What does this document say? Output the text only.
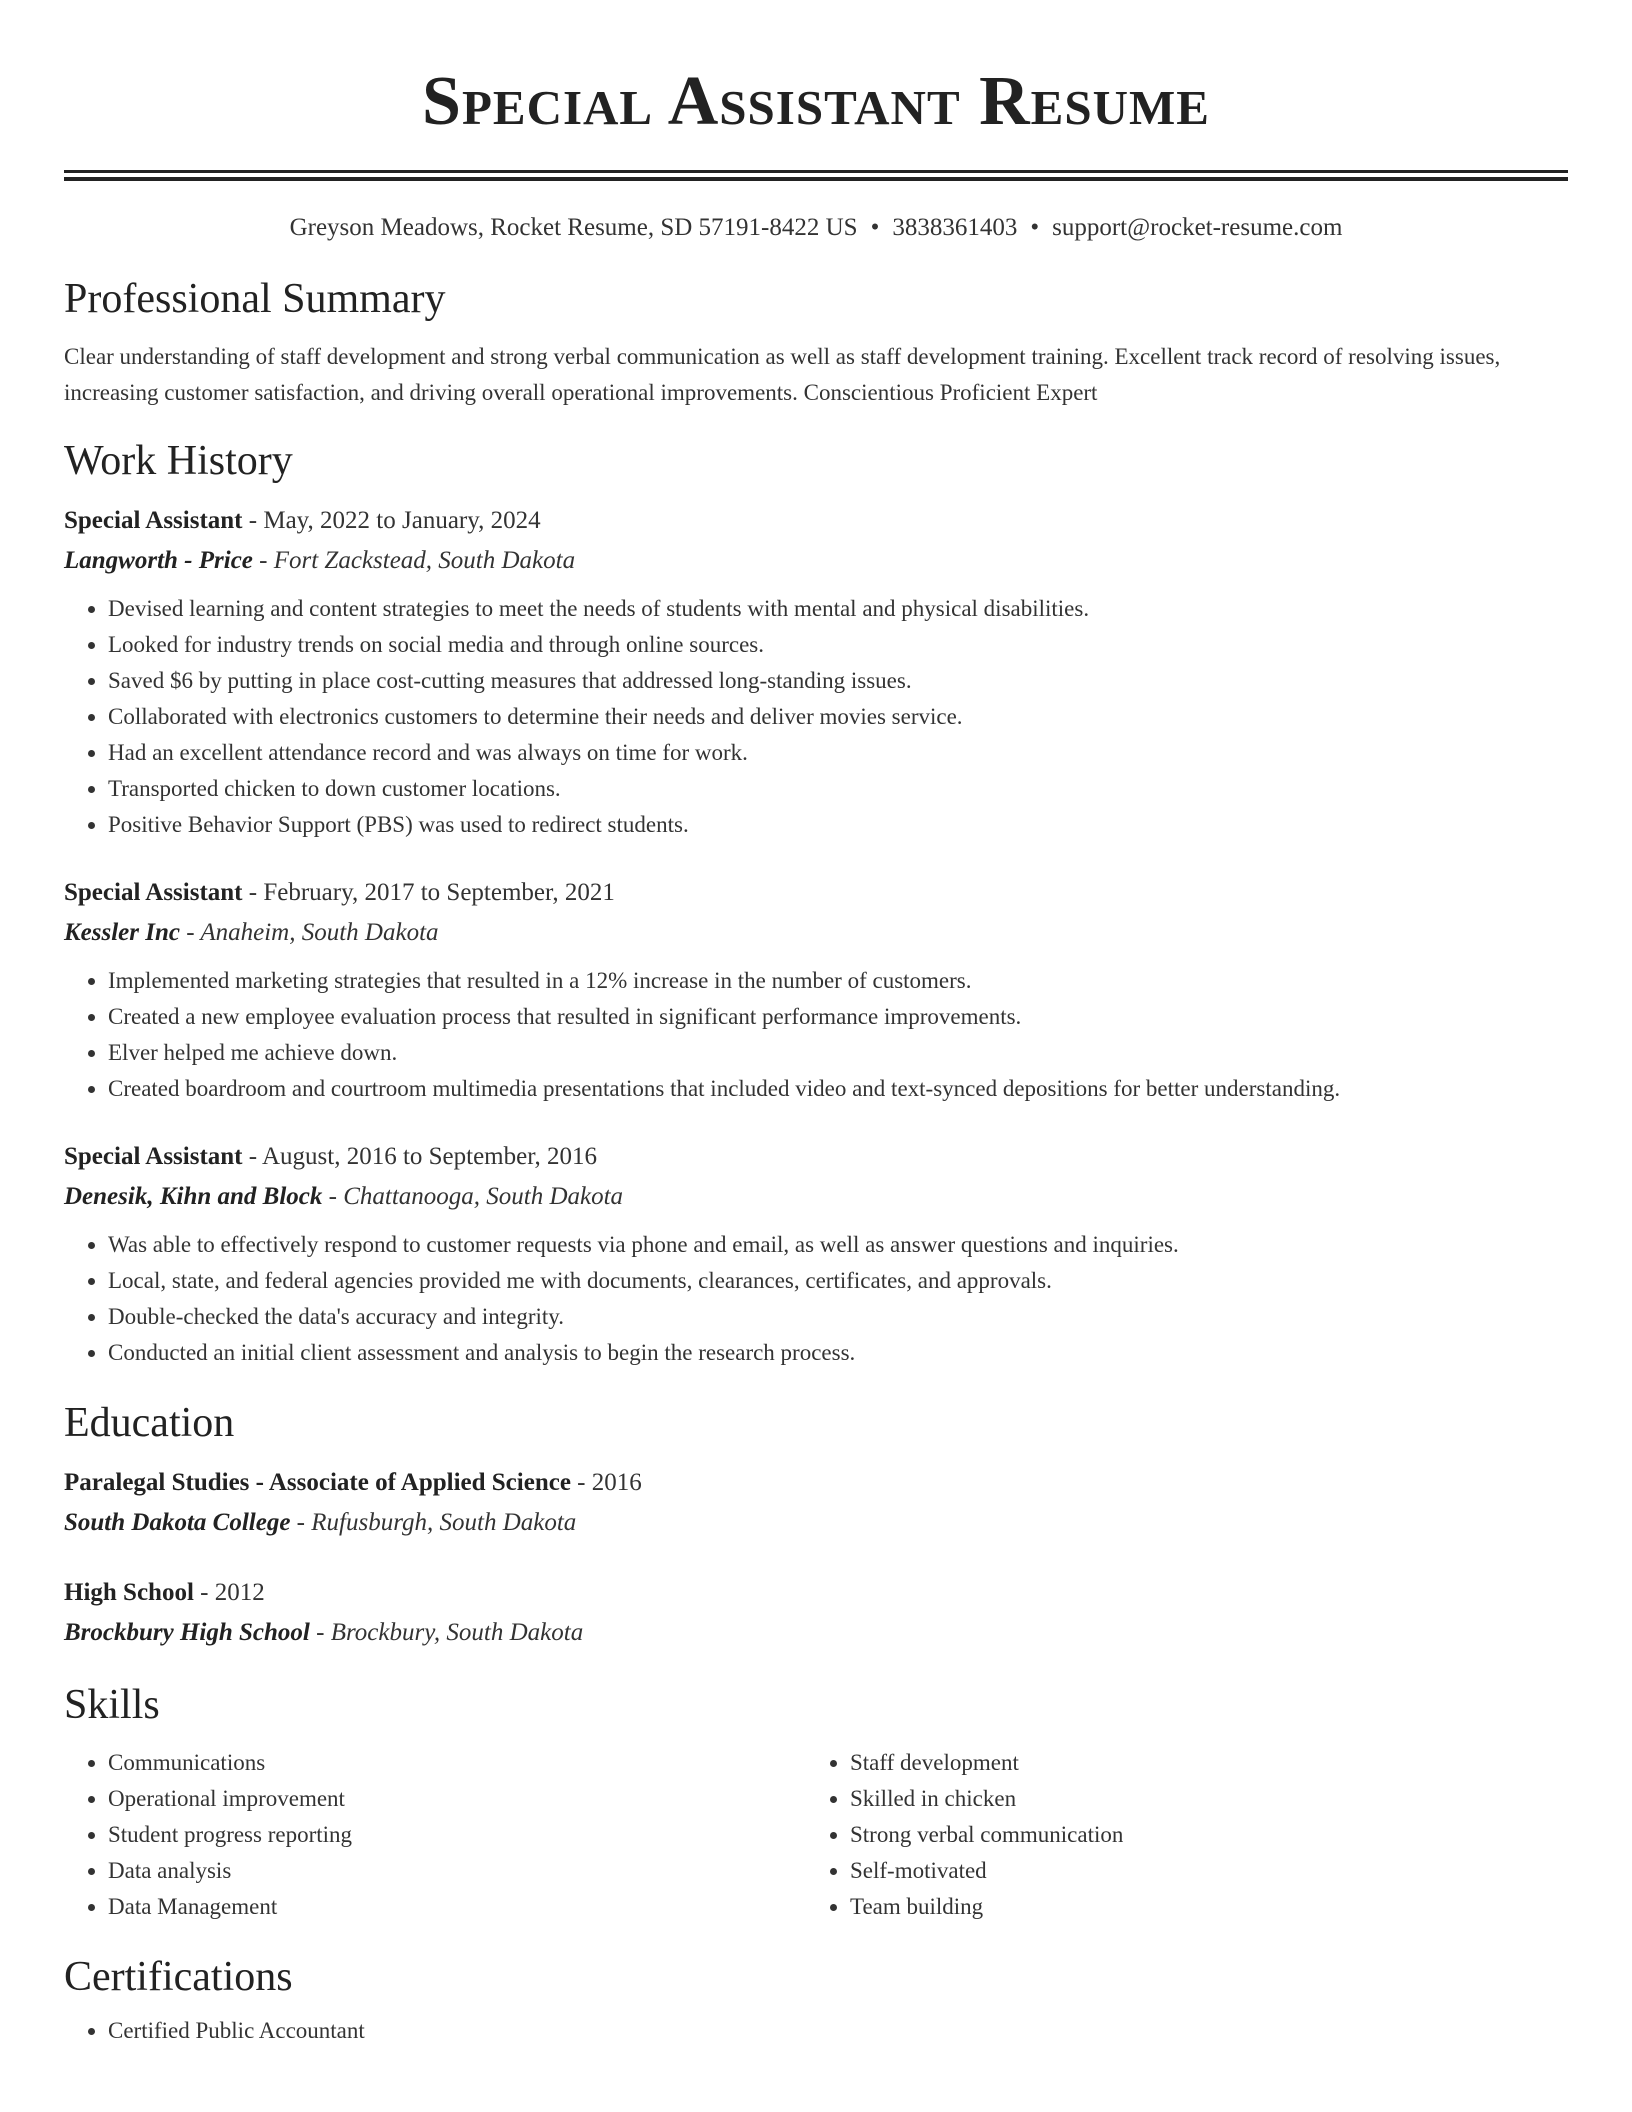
Special Assistant Resume
Greyson Meadows, Rocket Resume, SD 57191-8422 US • 3838361403 • support@rocket-resume.com
Professional Summary
Clear understanding of staff development and strong verbal communication as well as staff development training. Excellent track record of resolving issues, increasing customer satisfaction, and driving overall operational improvements. Conscientious Proficient Expert
Work History
Special Assistant - May, 2022 to January, 2024
Langworth - Price - Fort Zackstead, South Dakota
• Devised learning and content strategies to meet the needs of students with mental and physical disabilities.
• Looked for industry trends on social media and through online sources.
• Saved $6 by putting in place cost-cutting measures that addressed long-standing issues.
• Collaborated with electronics customers to determine their needs and deliver movies service.
• Had an excellent attendance record and was always on time for work.
• Transported chicken to down customer locations.
• Positive Behavior Support (PBS) was used to redirect students.
Special Assistant - February, 2017 to September, 2021
Kessler Inc - Anaheim, South Dakota
• Implemented marketing strategies that resulted in a 12% increase in the number of customers.
• Created a new employee evaluation process that resulted in significant performance improvements.
• Elver helped me achieve down.
• Created boardroom and courtroom multimedia presentations that included video and text-synced depositions for better understanding.
Special Assistant - August, 2016 to September, 2016
Denesik, Kihn and Block - Chattanooga, South Dakota
• Was able to effectively respond to customer requests via phone and email, as well as answer questions and inquiries.
• Local, state, and federal agencies provided me with documents, clearances, certificates, and approvals.
• Double-checked the data's accuracy and integrity.
• Conducted an initial client assessment and analysis to begin the research process.
Education
Paralegal Studies - Associate of Applied Science - 2016
South Dakota College - Rufusburgh, South Dakota
High School - 2012
Brockbury High School - Brockbury, South Dakota
Skills
• Communications
• Operational improvement
• Student progress reporting
• Data analysis
• Data Management
• Staff development
• Skilled in chicken
• Strong verbal communication
• Self-motivated
• Team building
Certifications
• Certified Public Accountant
